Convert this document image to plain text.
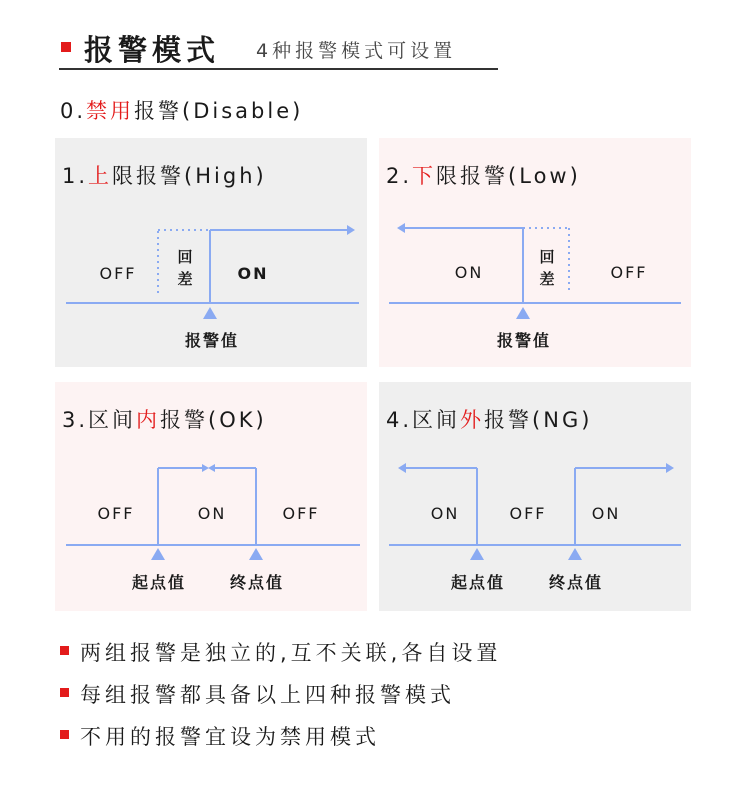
报警模式 4种报警模式可设置
0.禁用报警(Disable)
1.上限报警(High)
OFF
回
差	ON
报警值
2.下限报警(Low)
ON
回
差	OFF
报警值
3.区间内报警(OK)
OFF	ON	OFF
起点值	终点值
4.区间外报警(NG)
ON	OFF	ON
起点值	终点值
两组报警是独立的,互不关联,各自设置
每组报警都具备以上四种报警模式
不用的报警宜设为禁用模式
